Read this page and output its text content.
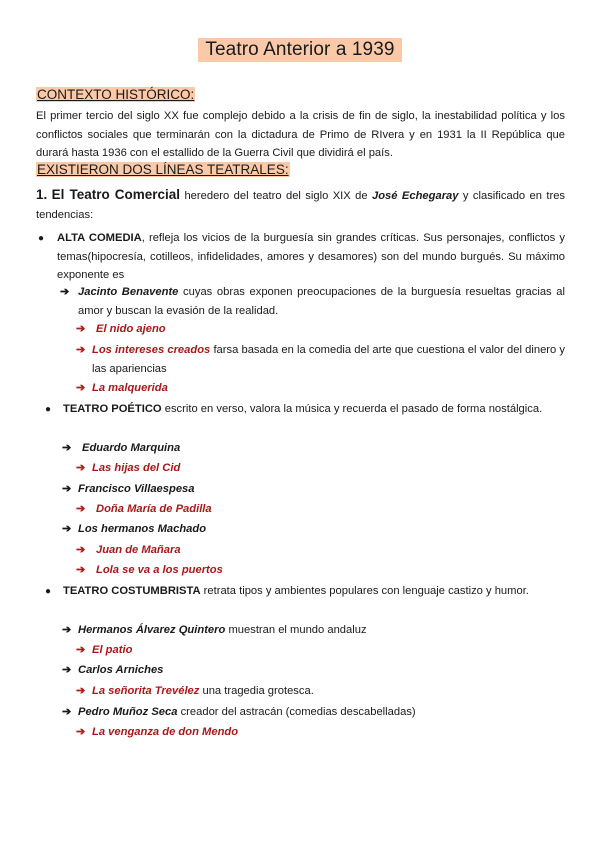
Teatro Anterior a 1939
CONTEXTO HISTÓRICO:
El primer tercio del siglo XX fue complejo debido a la crisis de fin de siglo, la inestabilidad política y los conflictos sociales que terminarán con la dictadura de Primo de RIvera y en 1931 la II República que durará hasta 1936 con el estallido de la Guerra Civil que dividirá el país.
EXISTIERON DOS LÍNEAS TEATRALES:
1. El Teatro Comercial heredero del teatro del siglo XIX de José Echegaray y clasificado en tres tendencias:
● ALTA COMEDIA, refleja los vicios de la burguesía sin grandes críticas. Sus personajes, conflictos y temas(hipocresía, cotilleos, infidelidades, amores y desamores) son del mundo burgués. Su máximo exponente es
➔ Jacinto Benavente cuyas obras exponen preocupaciones de la burguesía resueltas gracias al amor y buscan la evasión de la realidad.
➔ El nido ajeno
➔ Los intereses creados farsa basada en la comedia del arte que cuestiona el valor del dinero y las apariencias
➔ La malquerida
● TEATRO POÉTICO escrito en verso, valora la música y recuerda el pasado de forma nostálgica.
➔ Eduardo Marquina
➔ Las hijas del Cid
➔ Francisco Villaespesa
➔ Doña María de Padilla
➔ Los hermanos Machado
➔ Juan de Mañara
➔ Lola se va a los puertos
● TEATRO COSTUMBRISTA retrata tipos y ambientes populares con lenguaje castizo y humor.
➔ Hermanos Álvarez Quintero muestran el mundo andaluz
➔ El patio
➔ Carlos Arniches
➔ La señorita Trevélez una tragedia grotesca.
➔ Pedro Muñoz Seca creador del astracán (comedias descabelladas)
➔ La venganza de don Mendo
